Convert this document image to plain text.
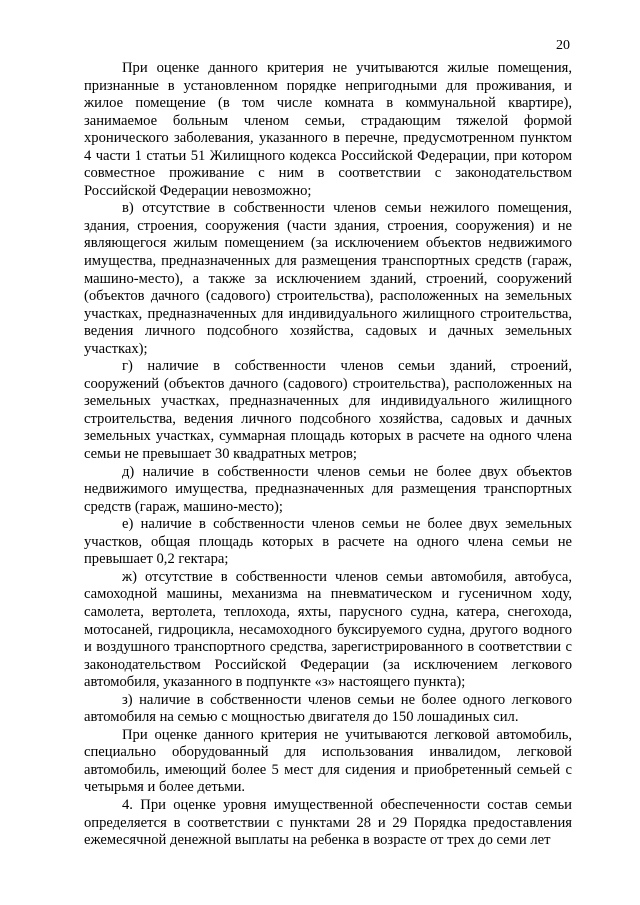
20

При оценке данного критерия не учитываются жилые помещения, признанные в установленном порядке непригодными для проживания, и жилое помещение (в том числе комната в коммунальной квартире), занимаемое больным членом семьи, страдающим тяжелой формой хронического заболевания, указанного в перечне, предусмотренном пунктом 4 части 1 статьи 51 Жилищного кодекса Российской Федерации, при котором совместное проживание с ним в соответствии с законодательством Российской Федерации невозможно;

в) отсутствие в собственности членов семьи нежилого помещения, здания, строения, сооружения (части здания, строения, сооружения) и не являющегося жилым помещением (за исключением объектов недвижимого имущества, предназначенных для размещения транспортных средств (гараж, машино-место), а также за исключением зданий, строений, сооружений (объектов дачного (садового) строительства), расположенных на земельных участках, предназначенных для индивидуального жилищного строительства, ведения личного подсобного хозяйства, садовых и дачных земельных участках);

г) наличие в собственности членов семьи зданий, строений, сооружений (объектов дачного (садового) строительства), расположенных на земельных участках, предназначенных для индивидуального жилищного строительства, ведения личного подсобного хозяйства, садовых и дачных земельных участках, суммарная площадь которых в расчете на одного члена семьи не превышает 30 квадратных метров;

д) наличие в собственности членов семьи не более двух объектов недвижимого имущества, предназначенных для размещения транспортных средств (гараж, машино-место);

е) наличие в собственности членов семьи не более двух земельных участков, общая площадь которых в расчете на одного члена семьи не превышает 0,2 гектара;

ж) отсутствие в собственности членов семьи автомобиля, автобуса, самоходной машины, механизма на пневматическом и гусеничном ходу, самолета, вертолета, теплохода, яхты, парусного судна, катера, снегохода, мотосаней, гидроцикла, несамоходного буксируемого судна, другого водного и воздушного транспортного средства, зарегистрированного в соответствии с законодательством Российской Федерации (за исключением легкового автомобиля, указанного в подпункте «з» настоящего пункта);

з) наличие в собственности членов семьи не более одного легкового автомобиля на семью с мощностью двигателя до 150 лошадиных сил.

При оценке данного критерия не учитываются легковой автомобиль, специально оборудованный для использования инвалидом, легковой автомобиль, имеющий более 5 мест для сидения и приобретенный семьей с четырьмя и более детьми.

4. При оценке уровня имущественной обеспеченности состав семьи определяется в соответствии с пунктами 28 и 29 Порядка предоставления ежемесячной денежной выплаты на ребенка в возрасте от трех до семи лет
